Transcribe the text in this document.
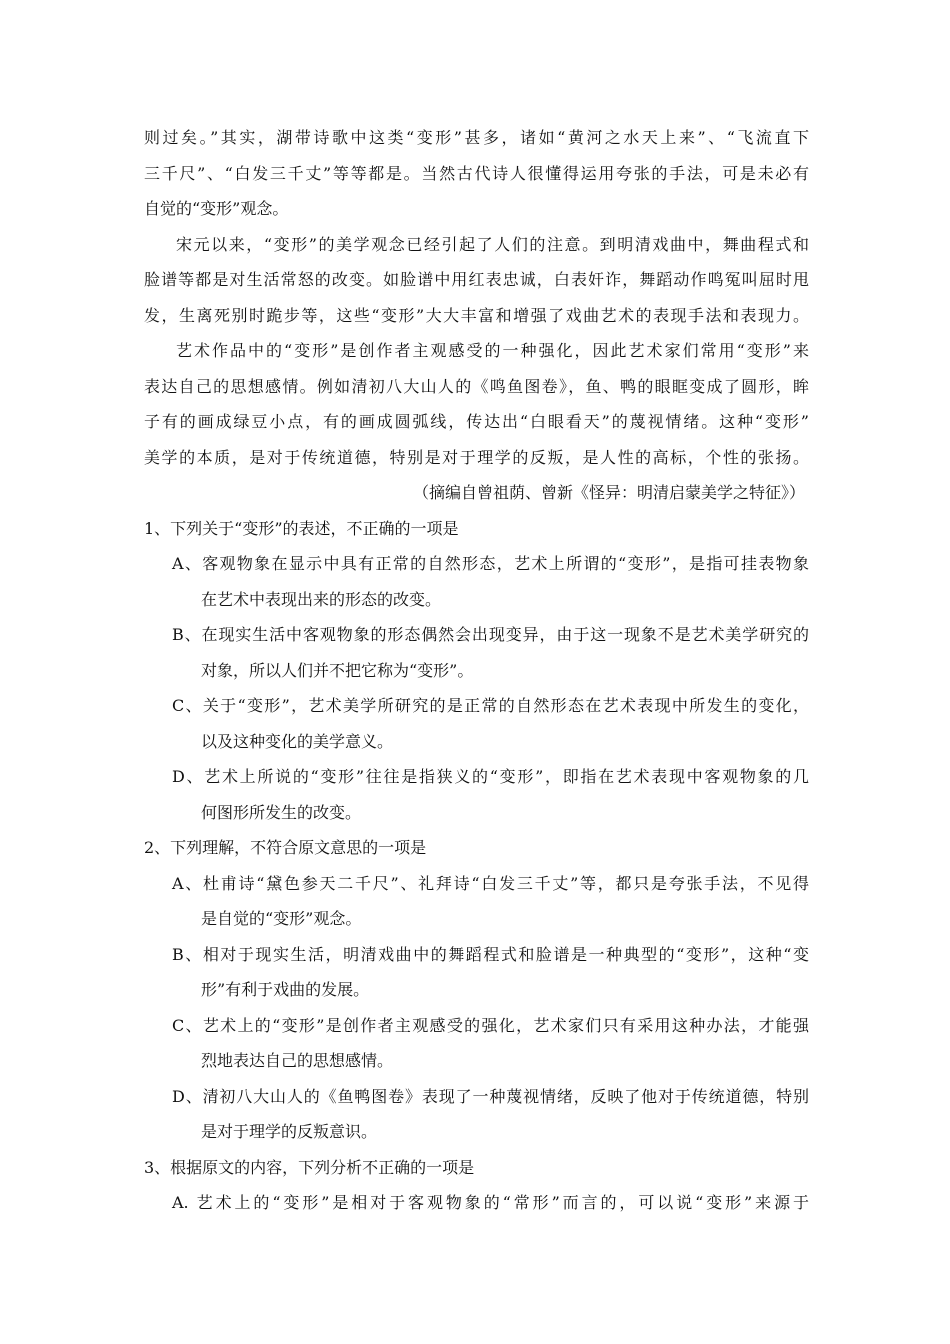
则过矣。”其实，湖带诗歌中这类“变形”甚多，诸如“黄河之水天上来”、“飞流直下
三千尺”、“白发三千丈”等等都是。当然古代诗人很懂得运用夸张的手法，可是未必有
自觉的“变形”观念。
宋元以来，“变形”的美学观念已经引起了人们的注意。到明清戏曲中，舞曲程式和
脸谱等都是对生活常怒的改变。如脸谱中用红表忠诚，白表奸诈，舞蹈动作鸣冤叫屈时甩
发，生离死别时跪步等，这些“变形”大大丰富和增强了戏曲艺术的表现手法和表现力。
艺术作品中的“变形”是创作者主观感受的一种强化，因此艺术家们常用“变形”来
表达自己的思想感情。例如清初八大山人的《鸣鱼图卷》，鱼、鸭的眼眶变成了圆形，眸
子有的画成绿豆小点，有的画成圆弧线，传达出“白眼看天”的蔑视情绪。这种“变形”
美学的本质，是对于传统道德，特别是对于理学的反叛，是人性的高标，个性的张扬。
（摘编自曾祖荫、曾新《怪异：明清启蒙美学之特征》）
1、下列关于“变形”的表述，不正确的一项是
A、客观物象在显示中具有正常的自然形态，艺术上所谓的“变形”，是指可挂表物象
在艺术中表现出来的形态的改变。
B、在现实生活中客观物象的形态偶然会出现变异，由于这一现象不是艺术美学研究的
对象，所以人们并不把它称为“变形”。
C、关于“变形”，艺术美学所研究的是正常的自然形态在艺术表现中所发生的变化，
以及这种变化的美学意义。
D、艺术上所说的“变形”往往是指狭义的“变形”，即指在艺术表现中客观物象的几
何图形所发生的改变。
2、下列理解，不符合原文意思的一项是
A、杜甫诗“黛色参天二千尺”、礼拜诗“白发三千丈”等，都只是夸张手法，不见得
是自觉的“变形”观念。
B、相对于现实生活，明清戏曲中的舞蹈程式和脸谱是一种典型的“变形”，这种“变
形”有利于戏曲的发展。
C、艺术上的“变形”是创作者主观感受的强化，艺术家们只有采用这种办法，才能强
烈地表达自己的思想感情。
D、清初八大山人的《鱼鸭图卷》表现了一种蔑视情绪，反映了他对于传统道德，特别
是对于理学的反叛意识。
3、根据原文的内容，下列分析不正确的一项是
A. 艺术上的“变形”是相对于客观物象的“常形”而言的，可以说“变形”来源于
